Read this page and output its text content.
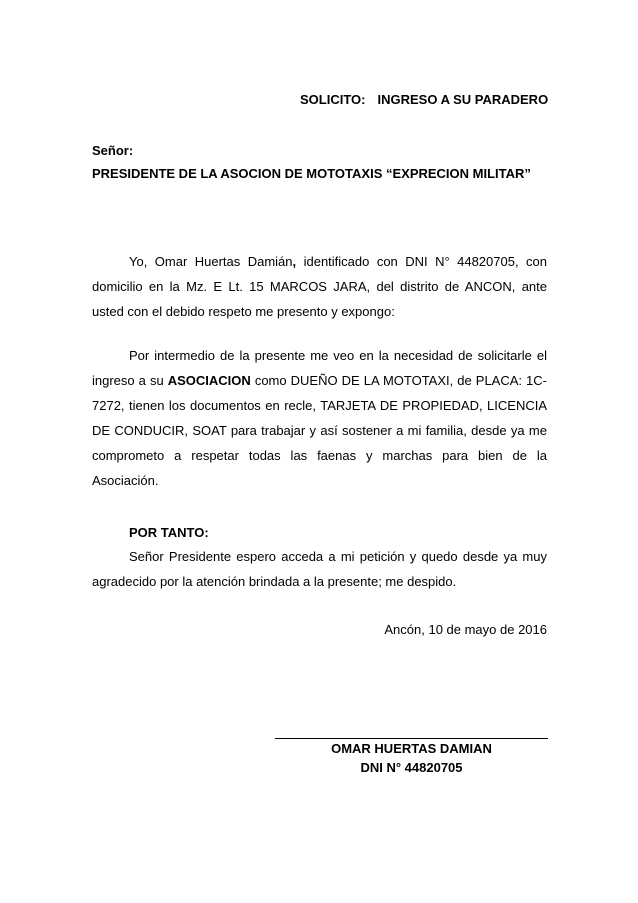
SOLICITO: INGRESO A SU PARADERO
Señor:
PRESIDENTE DE LA ASOCION DE MOTOTAXIS “EXPRECION MILITAR”
Yo, Omar Huertas Damián, identificado con DNI N° 44820705, con domicilio en la Mz. E Lt. 15 MARCOS JARA, del distrito de ANCON, ante usted con el debido respeto me presento y expongo:
Por intermedio de la presente me veo en la necesidad de solicitarle el ingreso a su ASOCIACION como DUEÑO DE LA MOTOTAXI, de PLACA: 1C-7272, tienen los documentos en recle, TARJETA DE PROPIEDAD, LICENCIA DE CONDUCIR, SOAT para trabajar y así sostener a mi familia, desde ya me comprometo a respetar todas las faenas y marchas para bien de la Asociación.
POR TANTO:
Señor Presidente espero acceda a mi petición y quedo desde ya muy agradecido por la atención brindada a la presente; me despido.
Ancón, 10 de mayo de 2016
OMAR HUERTAS DAMIAN
DNI N° 44820705
